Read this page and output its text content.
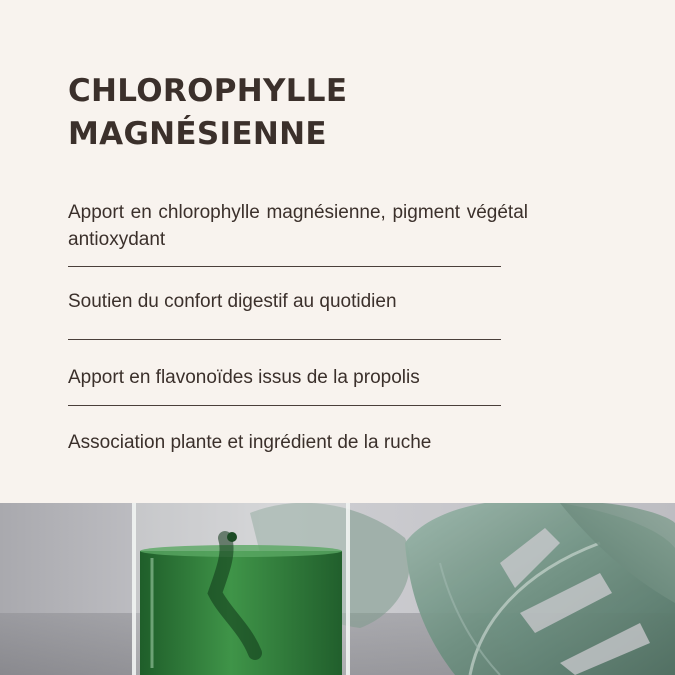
CHLOROPHYLLE
MAGNÉSIENNE

Apport en chlorophylle magnésienne, pigment végétal antioxydant

Soutien du confort digestif au quotidien

Apport en flavonoïdes issus de la propolis

Association plante et ingrédient de la ruche
